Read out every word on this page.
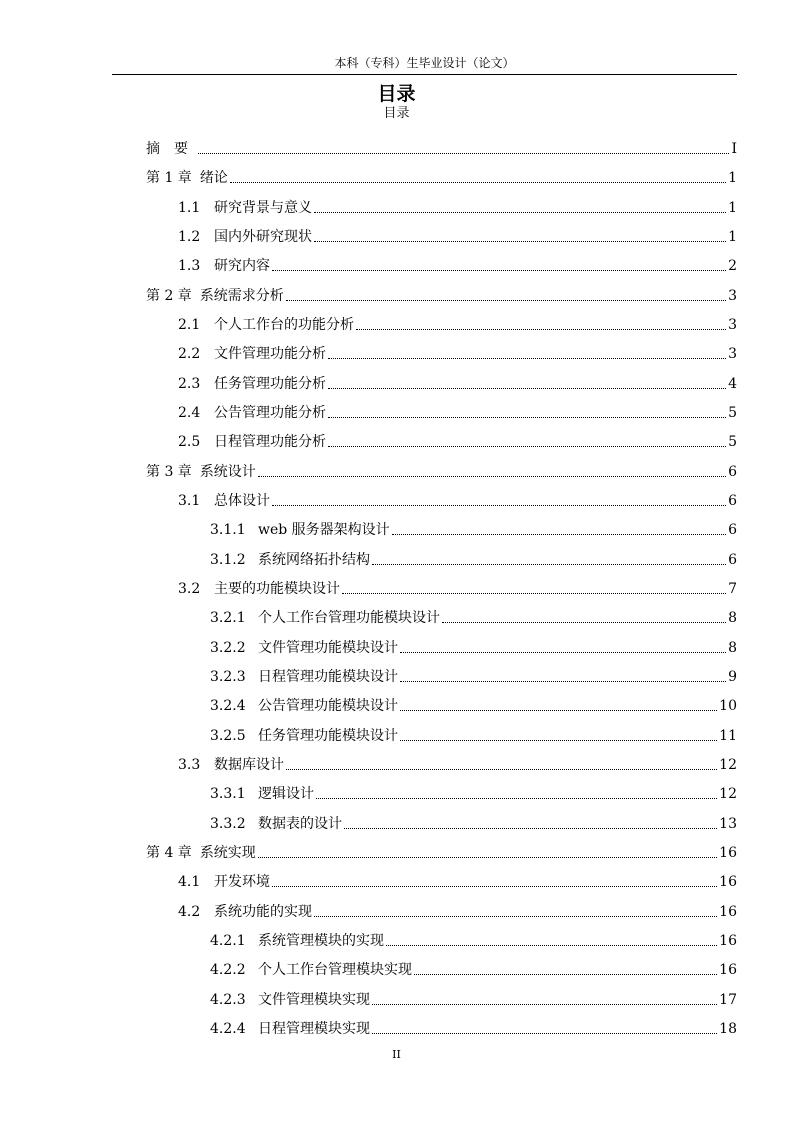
本科（专科）生毕业设计（论文）
目录
目录
摘　要	I
第 1 章 绪论	1
1.1 研究背景与意义	1
1.2 国内外研究现状	1
1.3 研究内容	2
第 2 章 系统需求分析	3
2.1 个人工作台的功能分析	3
2.2 文件管理功能分析	3
2.3 任务管理功能分析	4
2.4 公告管理功能分析	5
2.5 日程管理功能分析	5
第 3 章 系统设计	6
3.1 总体设计	6
3.1.1 web 服务器架构设计	6
3.1.2 系统网络拓扑结构	6
3.2 主要的功能模块设计	7
3.2.1 个人工作台管理功能模块设计	8
3.2.2 文件管理功能模块设计	8
3.2.3 日程管理功能模块设计	9
3.2.4 公告管理功能模块设计	10
3.2.5 任务管理功能模块设计	11
3.3 数据库设计	12
3.3.1 逻辑设计	12
3.3.2 数据表的设计	13
第 4 章 系统实现	16
4.1 开发环境	16
4.2 系统功能的实现	16
4.2.1 系统管理模块的实现	16
4.2.2 个人工作台管理模块实现	16
4.2.3 文件管理模块实现	17
4.2.4 日程管理模块实现	18
II
